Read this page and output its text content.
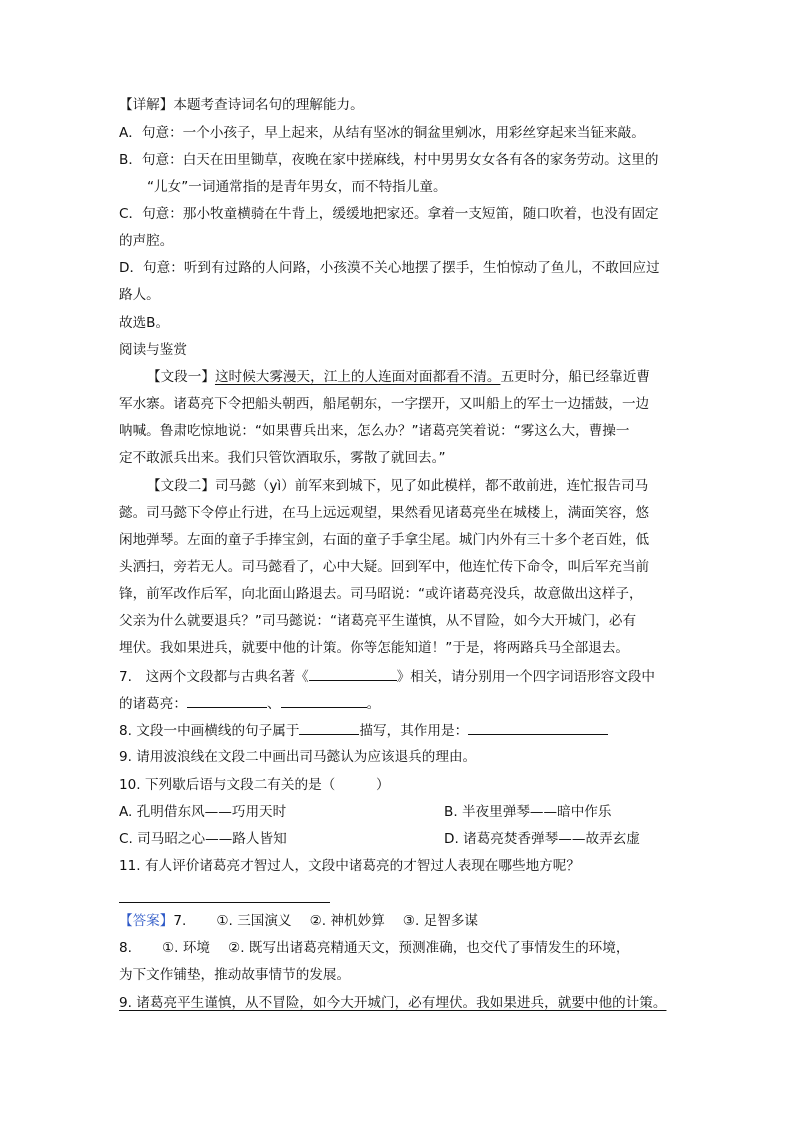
【详解】本题考查诗词名句的理解能力。
A．句意：一个小孩子，早上起来，从结有坚冰的铜盆里剜冰，用彩丝穿起来当钲来敲。
B．句意：白天在田里锄草，夜晚在家中搓麻线，村中男男女女各有各的家务劳动。这里的
“儿女”一词通常指的是青年男女，而不特指儿童。
C．句意：那小牧童横骑在牛背上，缓缓地把家还。拿着一支短笛，随口吹着，也没有固定
的声腔。
D．句意：听到有过路的人问路，小孩漠不关心地摆了摆手，生怕惊动了鱼儿，不敢回应过
路人。
故选B。
阅读与鉴赏
【文段一】这时候大雾漫天，江上的人连面对面都看不清。五更时分，船已经靠近曹
军水寨。诸葛亮下令把船头朝西，船尾朝东，一字摆开，又叫船上的军士一边擂鼓，一边
呐喊。鲁肃吃惊地说：“如果曹兵出来，怎么办？”诸葛亮笑着说：“雾这么大，曹操一
定不敢派兵出来。我们只管饮酒取乐，雾散了就回去。”
【文段二】司马懿（yì）前军来到城下，见了如此模样，都不敢前进，连忙报告司马
懿。司马懿下令停止行进，在马上远远观望，果然看见诸葛亮坐在城楼上，满面笑容，悠
闲地弹琴。左面的童子手捧宝剑，右面的童子手拿尘尾。城门内外有三十多个老百姓，低
头洒扫，旁若无人。司马懿看了，心中大疑。回到军中，他连忙传下命令，叫后军充当前
锋，前军改作后军，向北面山路退去。司马昭说：“或许诸葛亮没兵，故意做出这样子，
父亲为什么就要退兵？”司马懿说：“诸葛亮平生谨慎，从不冒险，如今大开城门，必有
埋伏。我如果进兵，就要中他的计策。你等怎能知道！”于是，将两路兵马全部退去。
7.　这两个文段都与古典名著《	》相关，请分别用一个四字词语形容文段中
的诸葛亮：	、	。
8. 文段一中画横线的句子属于	描写，其作用是：
9. 请用波浪线在文段二中画出司马懿认为应该退兵的理由。
10. 下列歇后语与文段二有关的是（　　　）
A. 孔明借东风——巧用天时	B. 半夜里弹琴——暗中作乐
C. 司马昭之心——路人皆知	D. 诸葛亮焚香弹琴——故弄玄虚
11. 有人评价诸葛亮才智过人，文段中诸葛亮的才智过人表现在哪些地方呢？
【答案】7. ①. 三国演义 ②. 神机妙算 ③. 足智多谋
8. ①. 环境 ②. 既写出诸葛亮精通天文，预测准确，也交代了事情发生的环境，
为下文作铺垫，推动故事情节的发展。
9. 诸葛亮平生谨慎，从不冒险，如今大开城门，必有埋伏。我如果进兵，就要中他的计策。
